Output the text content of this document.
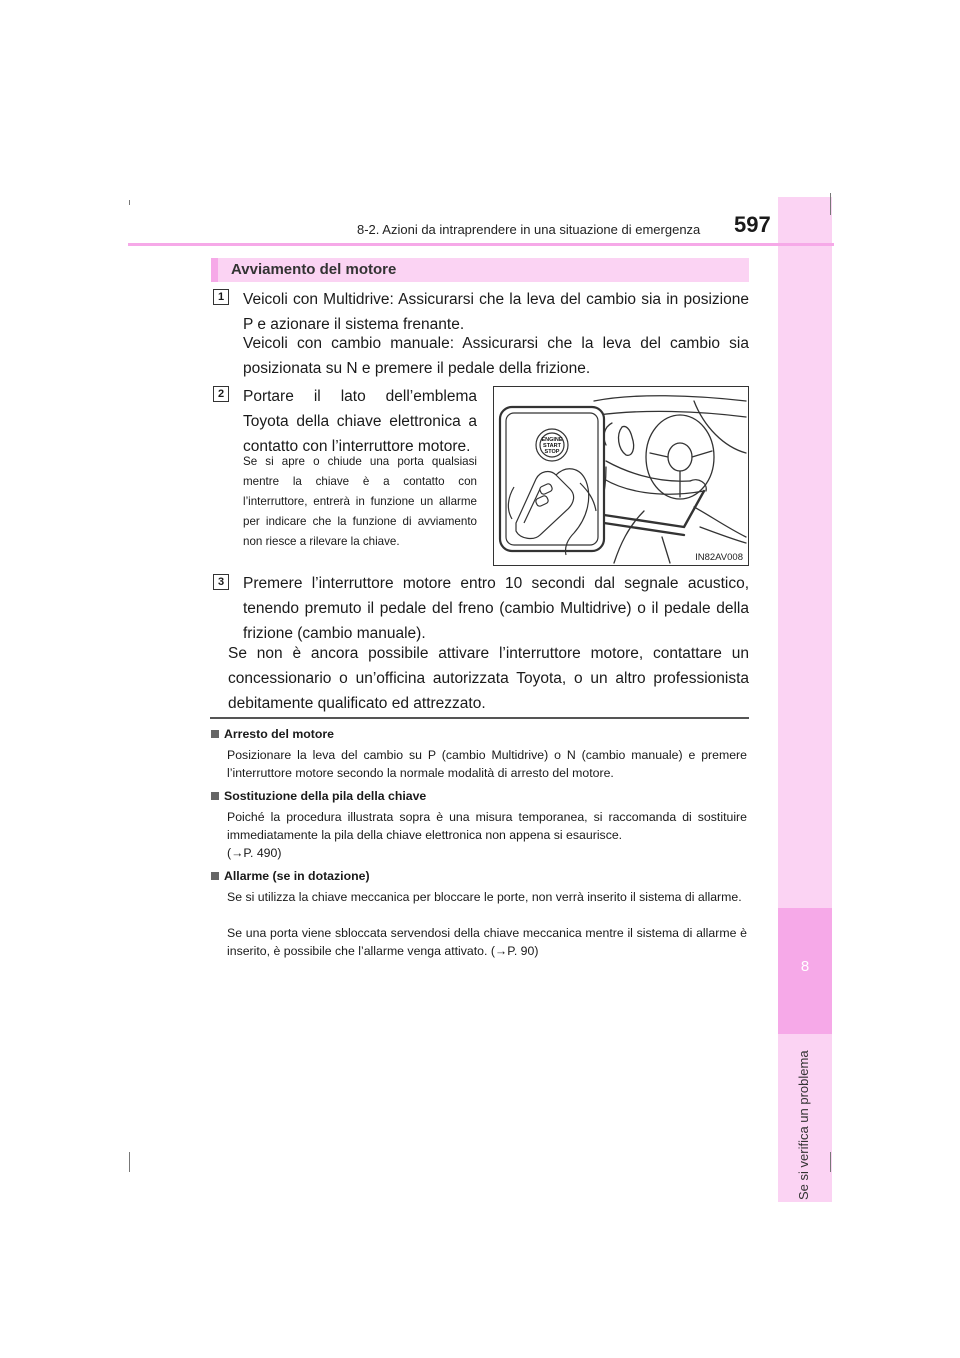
8
Se si verifica un problema
8-2. Azioni da intraprendere in una situazione di emergenza 597
Avviamento del motore
1	Veicoli con Multidrive: Assicurarsi che la leva del cambio sia in posizione P e azionare il sistema frenante.

Veicoli con cambio manuale: Assicurarsi che la leva del cambio sia posizionata su N e premere il pedale della frizione.

2	Portare il lato dell’emblema Toyota della chiave elettronica a contatto con l’interruttore motore.

Se si apre o chiude una porta qualsiasi mentre la chiave è a contatto con l’interruttore, entrerà in funzione un allarme per indicare che la funzione di avviamento non riesce a rilevare la chiave.

ENGINE
START
STOP
IN82AV008
3	Premere l’interruttore motore entro 10 secondi dal segnale acustico, tenendo premuto il pedale del freno (cambio Multidrive) o il pedale della frizione (cambio manuale).

Se non è ancora possibile attivare l’interruttore motore, contattare un concessionario o un’officina autorizzata Toyota, o un altro professionista debitamente qualificato ed attrezzato.

Arresto del motore

Posizionare la leva del cambio su P (cambio Multidrive) o N (cambio manuale) e premere l’interruttore motore secondo la normale modalità di arresto del motore.

Sostituzione della pila della chiave

Poiché la procedura illustrata sopra è una misura temporanea, si raccomanda di sostituire immediatamente la pila della chiave elettronica non appena si esaurisce.

(→P. 490)

Allarme (se in dotazione)

Se si utilizza la chiave meccanica per bloccare le porte, non verrà inserito il sistema di allarme.

Se una porta viene sbloccata servendosi della chiave meccanica mentre il sistema di allarme è inserito, è possibile che l’allarme venga attivato. (→P. 90)
